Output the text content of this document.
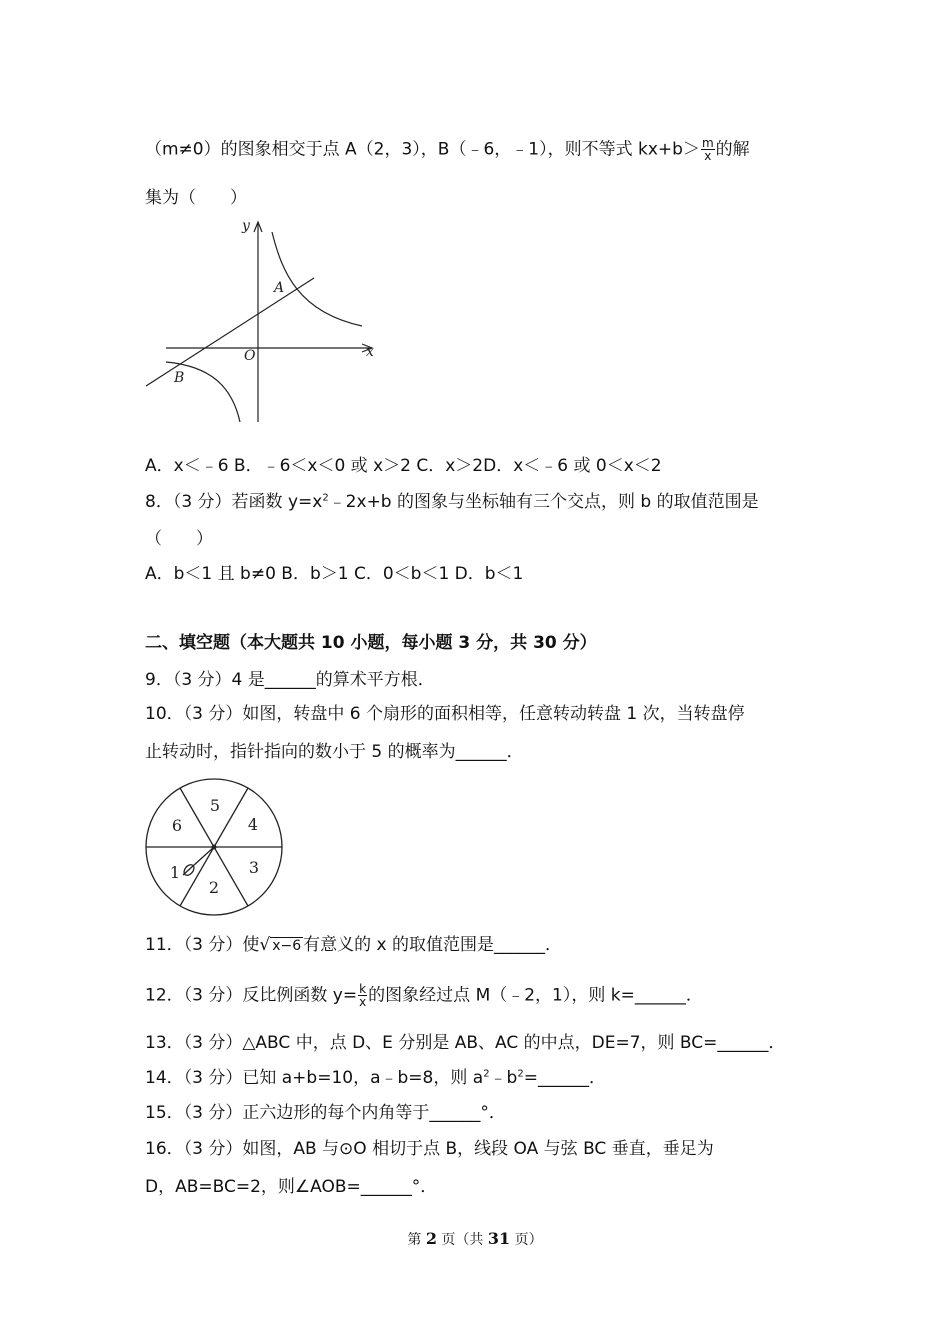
（m≠0）的图象相交于点 A（2，3），B（﹣6，﹣1），则不等式 $kx+b> \frac{m}{x}$ 的解
集为（　　）
y
x
O
A
B
A．x＜﹣6 B．﹣6＜x＜0 或 x＞2 C．x＞2D．x＜﹣6 或 0＜x＜2
8．（3 分）若函数 $y=x^2﹣2x+b$ 的图象与坐标轴有三个交点，则 b 的取值范围是
（　　）
A．b＜1 且 b≠0 B．b＞1 C．0＜b＜1 D．b＜1
二、填空题（本大题共 10 小题，每小题 3 分，共 30 分）
9．（3 分）4 是______的算术平方根．
10．（3 分）如图，转盘中 6 个扇形的面积相等，任意转动转盘 1 次，当转盘停
止转动时，指针指向的数小于 5 的概率为______．
5
4
3
2
1
6
11．（3 分）使√ x−6 有意义的 x 的取值范围是______．
12．（3 分）反比例函数 $y= \frac{k}{x}$ 的图象经过点 M（﹣2，1），则 k=______．
13．（3 分）△ABC 中，点 D、E 分别是 AB、AC 的中点，DE=7，则 BC=______．
14．（3 分）已知 a+b=10，a﹣b=8，则 $a^2﹣b^2=\_\_\_\_\_\_$．
15．（3 分）正六边形的每个内角等于______°．
16．（3 分）如图，AB 与⊙O 相切于点 B，线段 OA 与弦 BC 垂直，垂足为
D，AB=BC=2，则∠AOB=______°．
第 2 页（共 31 页）
